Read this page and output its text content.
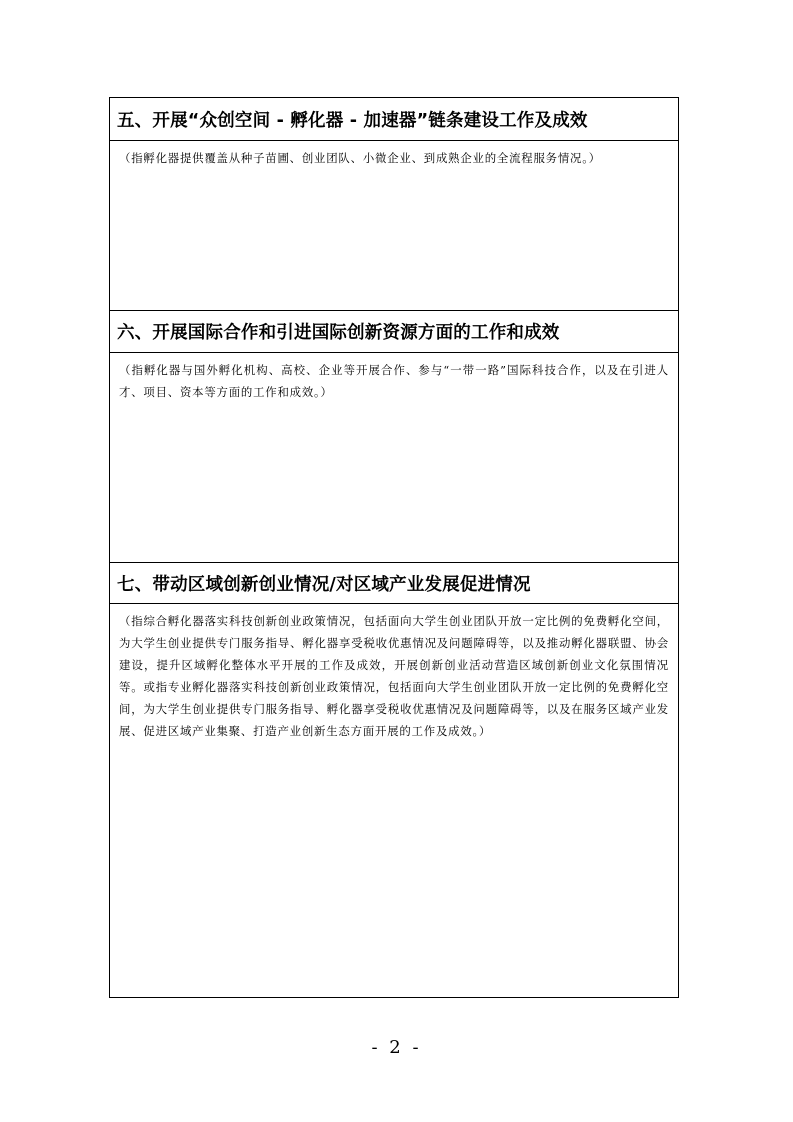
五、开展“众创空间 - 孵化器 - 加速器”链条建设工作及成效

（指孵化器提供覆盖从种子苗圃、创业团队、小微企业、到成熟企业的全流程服务情况。）

六、开展国际合作和引进国际创新资源方面的工作和成效

（指孵化器与国外孵化机构、高校、企业等开展合作、参与“一带一路”国际科技合作，以及在引进人才、项目、资本等方面的工作和成效。）

七、带动区域创新创业情况/对区域产业发展促进情况

（指综合孵化器落实科技创新创业政策情况，包括面向大学生创业团队开放一定比例的免费孵化空间，为大学生创业提供专门服务指导、孵化器享受税收优惠情况及问题障碍等，以及推动孵化器联盟、协会建设，提升区域孵化整体水平开展的工作及成效，开展创新创业活动营造区域创新创业文化氛围情况等。或指专业孵化器落实科技创新创业政策情况，包括面向大学生创业团队开放一定比例的免费孵化空间，为大学生创业提供专门服务指导、孵化器享受税收优惠情况及问题障碍等，以及在服务区域产业发展、促进区域产业集聚、打造产业创新生态方面开展的工作及成效。）

- 2 -
